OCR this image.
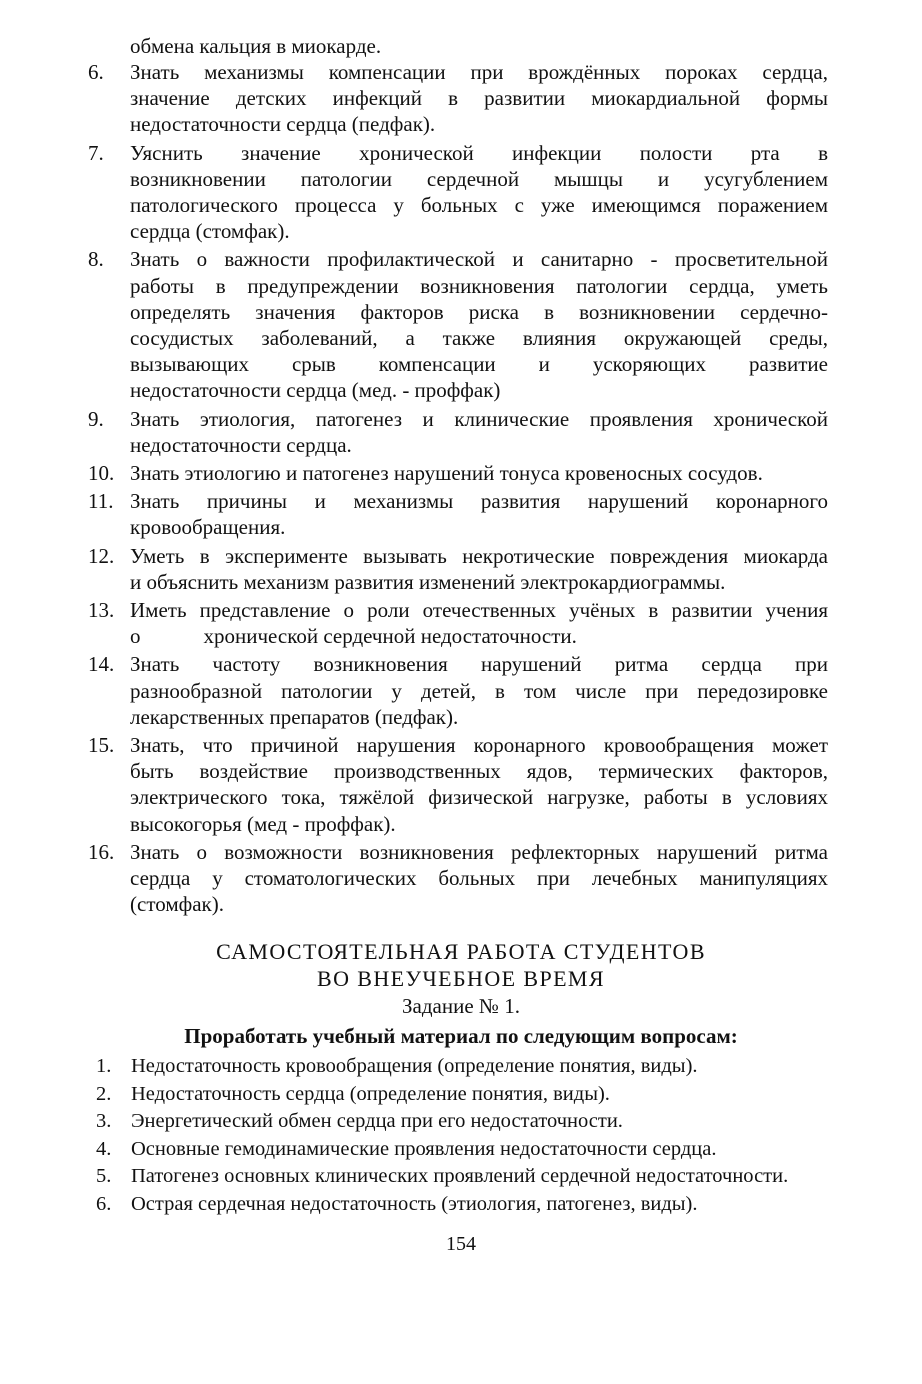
обмена кальция в миокарде.
6.	Знать механизмы компенсации при врождённых пороках сердца,
значение детских инфекций в развитии миокардиальной формы
недостаточности сердца (педфак).
7.	Уяснить значение хронической инфекции полости рта в
возникновении патологии сердечной мышцы и усугублением
патологического процесса у больных с уже имеющимся поражением
сердца (стомфак).
8.	Знать о важности профилактической и санитарно - просветительной
работы в предупреждении возникновения патологии сердца, уметь
определять значения факторов риска в возникновении сердечно-
сосудистых заболеваний, а также влияния окружающей среды,
вызывающих срыв компенсации и ускоряющих развитие
недостаточности сердца (мед. - проффак)
9.	Знать этиология, патогенез и клинические проявления хронической
недостаточности сердца.
10. Знать этиологию и патогенез нарушений тонуса кровеносных сосудов.
11. Знать причины и механизмы развития нарушений коронарного
кровообращения.
12. Уметь в эксперименте вызывать некротические повреждения миокарда
и объяснить механизм развития изменений электрокардиограммы.
13. Иметь представление о роли отечественных учёных в развитии учения
о            хронической сердечной недостаточности.
14. Знать частоту возникновения нарушений ритма сердца при
разнообразной патологии у детей, в том числе при передозировке
лекарственных препаратов (педфак).
15. Знать, что причиной нарушения коронарного кровообращения может
быть воздействие производственных ядов, термических факторов,
электрического тока, тяжёлой физической нагрузке, работы в условиях
высокогорья (мед - проффак).
16. Знать о возможности возникновения рефлекторных нарушений ритма
сердца у стоматологических больных при лечебных манипуляциях
(стомфак).
САМОСТОЯТЕЛЬНАЯ РАБОТА СТУДЕНТОВ
ВО ВНЕУЧЕБНОЕ ВРЕМЯ
Задание № 1.
Проработать учебный материал по следующим вопросам:
1. Недостаточность кровообращения (определение понятия, виды).
2. Недостаточность сердца (определение понятия, виды).
3. Энергетический обмен сердца при его недостаточности.
4. Основные гемодинамические проявления недостаточности сердца.
5. Патогенез основных клинических проявлений сердечной недостаточности.
6. Острая сердечная недостаточность (этиология, патогенез, виды).
154
